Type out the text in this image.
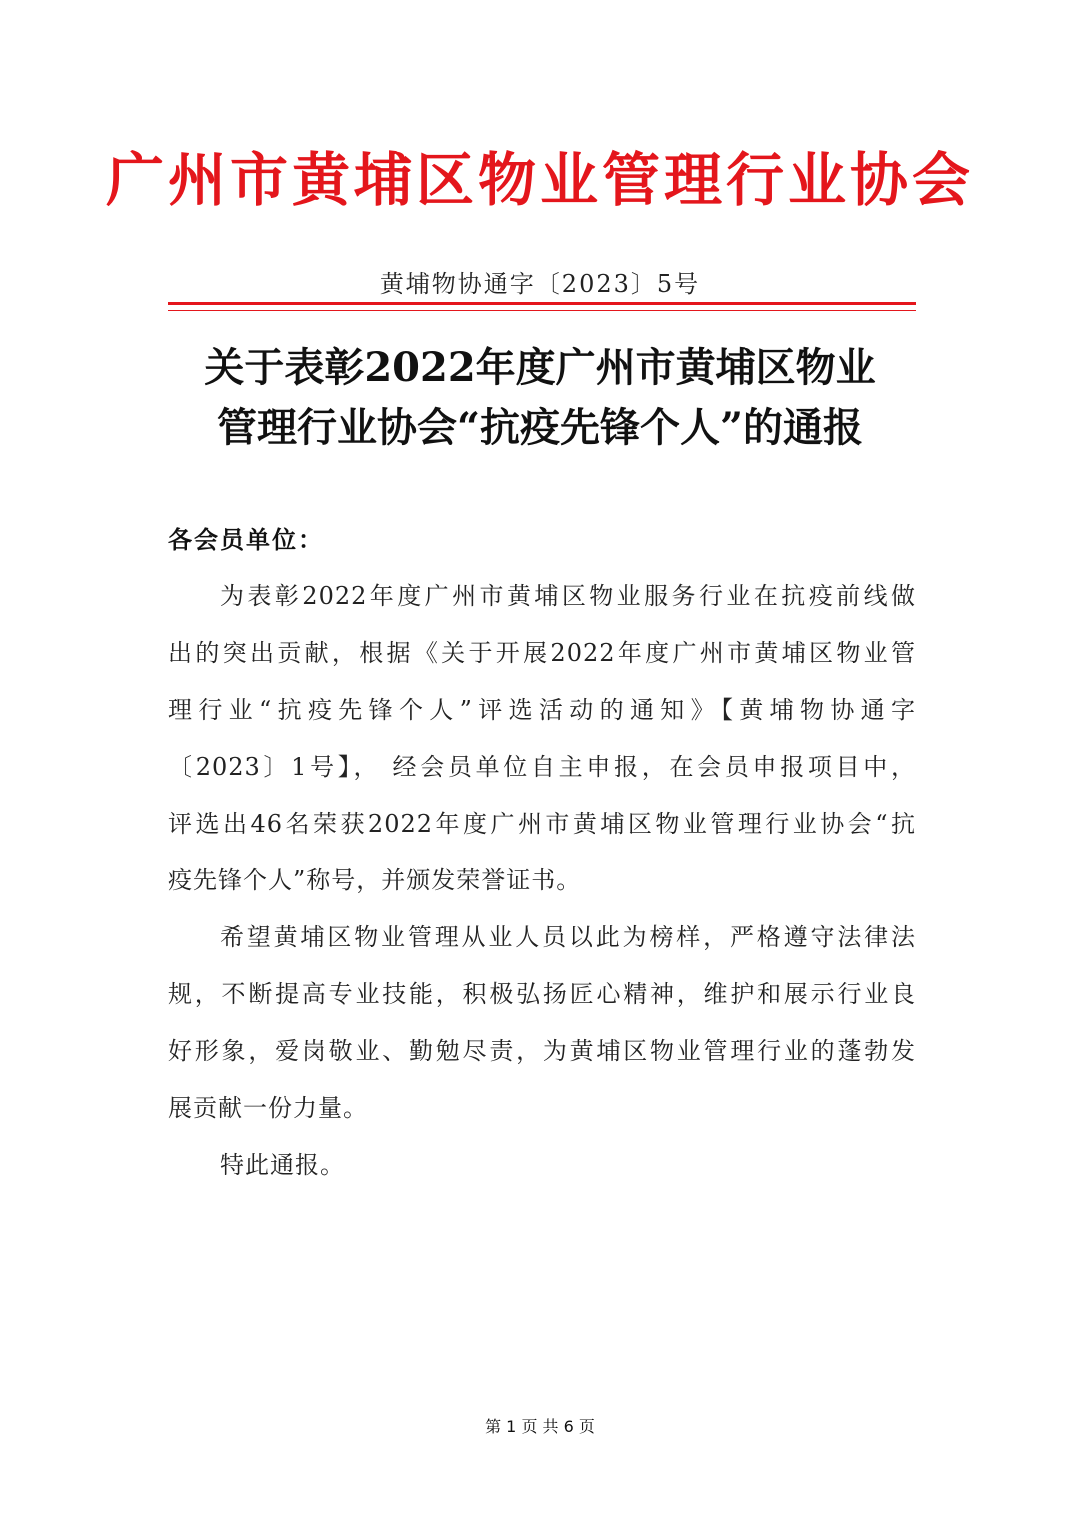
广州市黄埔区物业管理行业协会
黄埔物协通字〔2023〕5号
关于表彰2022年度广州市黄埔区物业
管理行业协会“抗疫先锋个人”的通报
各会员单位：
为表彰2022年度广州市黄埔区物业服务行业在抗疫前线做
出的突出贡献，根据《关于开展2022年度广州市黄埔区物业管
理行业“抗疫先锋个人”评选活动的通知》【黄埔物协通字
〔2023〕1号】， 经会员单位自主申报，在会员申报项目中，
评选出46名荣获2022年度广州市黄埔区物业管理行业协会“抗
疫先锋个人”称号，并颁发荣誉证书。
希望黄埔区物业管理从业人员以此为榜样，严格遵守法律法
规，不断提高专业技能，积极弘扬匠心精神，维护和展示行业良
好形象，爱岗敬业、勤勉尽责，为黄埔区物业管理行业的蓬勃发
展贡献一份力量。
特此通报。
第 1 页 共 6 页
